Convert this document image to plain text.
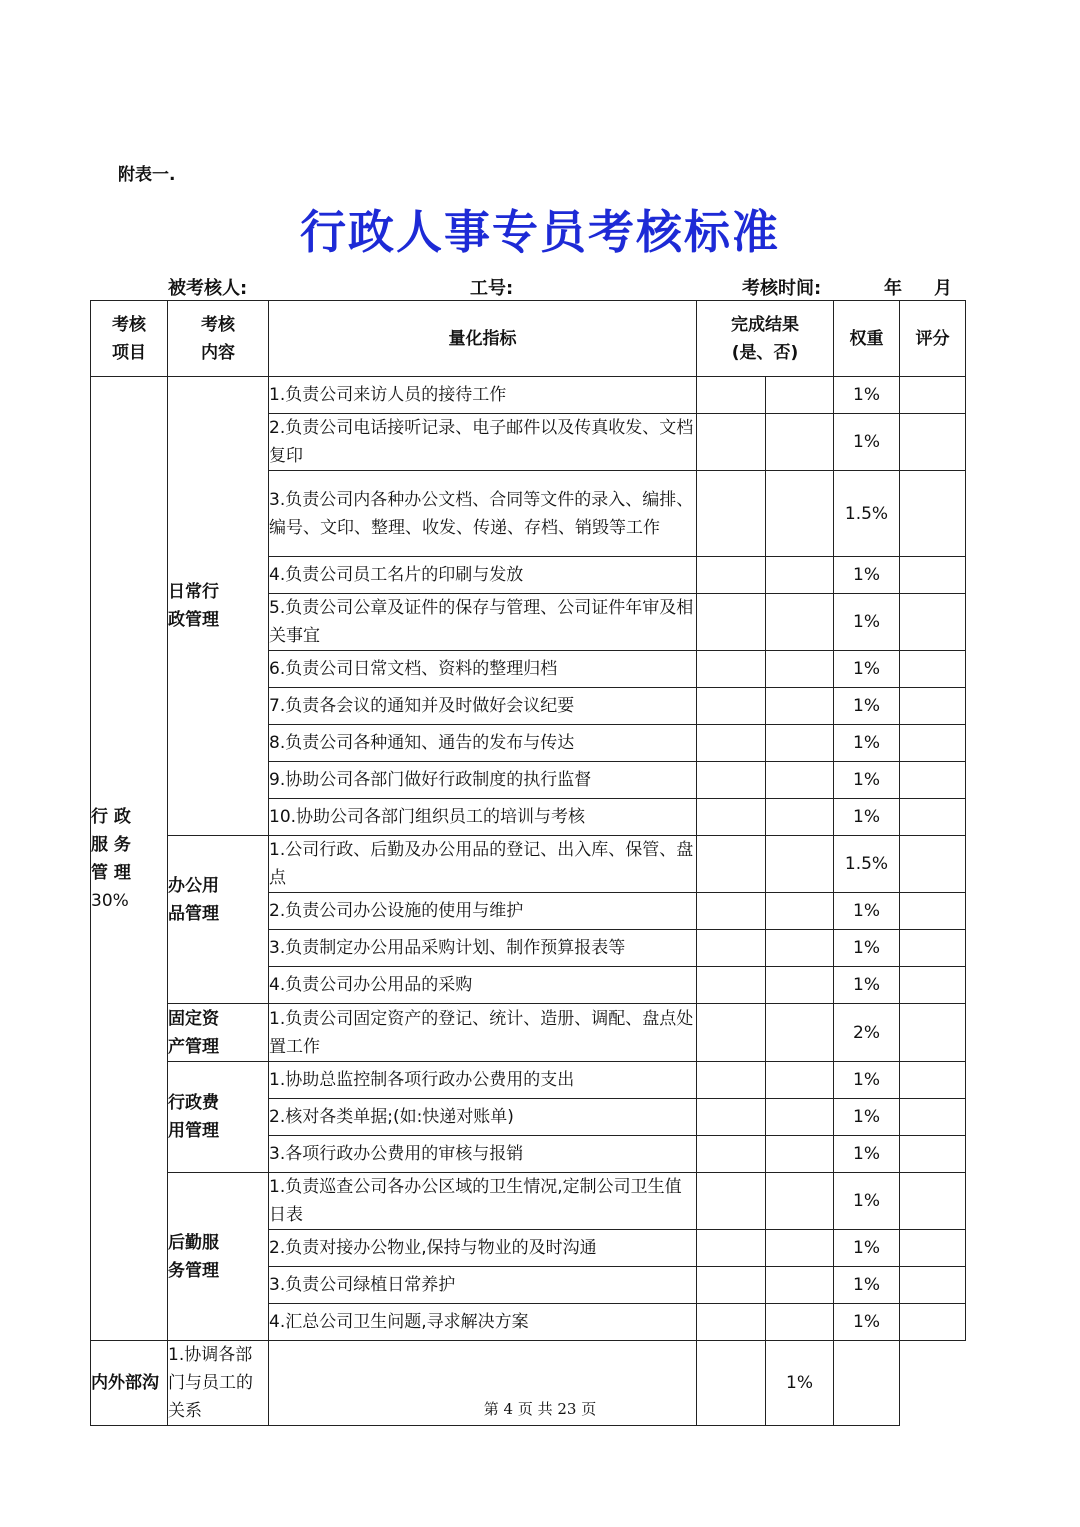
附表一.
行政人事专员考核标准
被考核人:	工号:	考核时间:	年 月
考核项目	考核内容	量化指标	完成结果(是、否)		权重	评分

行 政
服 务
管 理
30%	日常行政管理	1.负责公司来访人员的接待工作			1%	
		2.负责公司电话接听记录、电子邮件以及传真收发、文档复印			1%	
		3.负责公司内各种办公文档、合同等文件的录入、编排、编号、文印、整理、收发、传递、存档、销毁等工作			1.5%	
		4.负责公司员工名片的印刷与发放			1%	
		5.负责公司公章及证件的保存与管理、公司证件年审及相关事宜			1%	
		6.负责公司日常文档、资料的整理归档			1%	
		7.负责各会议的通知并及时做好会议纪要			1%	
		8.负责公司各种通知、通告的发布与传达			1%	
		9.协助公司各部门做好行政制度的执行监督			1%	
		10.协助公司各部门组织员工的培训与考核			1%	

	办公用品管理	1.公司行政、后勤及办公用品的登记、出入库、保管、盘点			1.5%	
		2.负责公司办公设施的使用与维护			1%	
		3.负责制定办公用品采购计划、制作预算报表等			1%	
		4.负责公司办公用品的采购			1%	

	固定资产管理	1.负责公司固定资产的登记、统计、造册、调配、盘点处置工作			2%	

	行政费用管理	1.协助总监控制各项行政办公费用的支出			1%	
		2.核对各类单据;(如:快递对账单)			1%	
		3.各项行政办公费用的审核与报销			1%	

	后勤服务管理	1.负责巡查公司各办公区域的卫生情况,定制公司卫生值日表			1%	
		2.负责对接办公物业,保持与物业的及时沟通			1%	
		3.负责公司绿植日常养护			1%	
		4.汇总公司卫生问题,寻求解决方案			1%	
内外部沟	1.协调各部门与员工的关系			1%		
第 4 页 共 23 页
